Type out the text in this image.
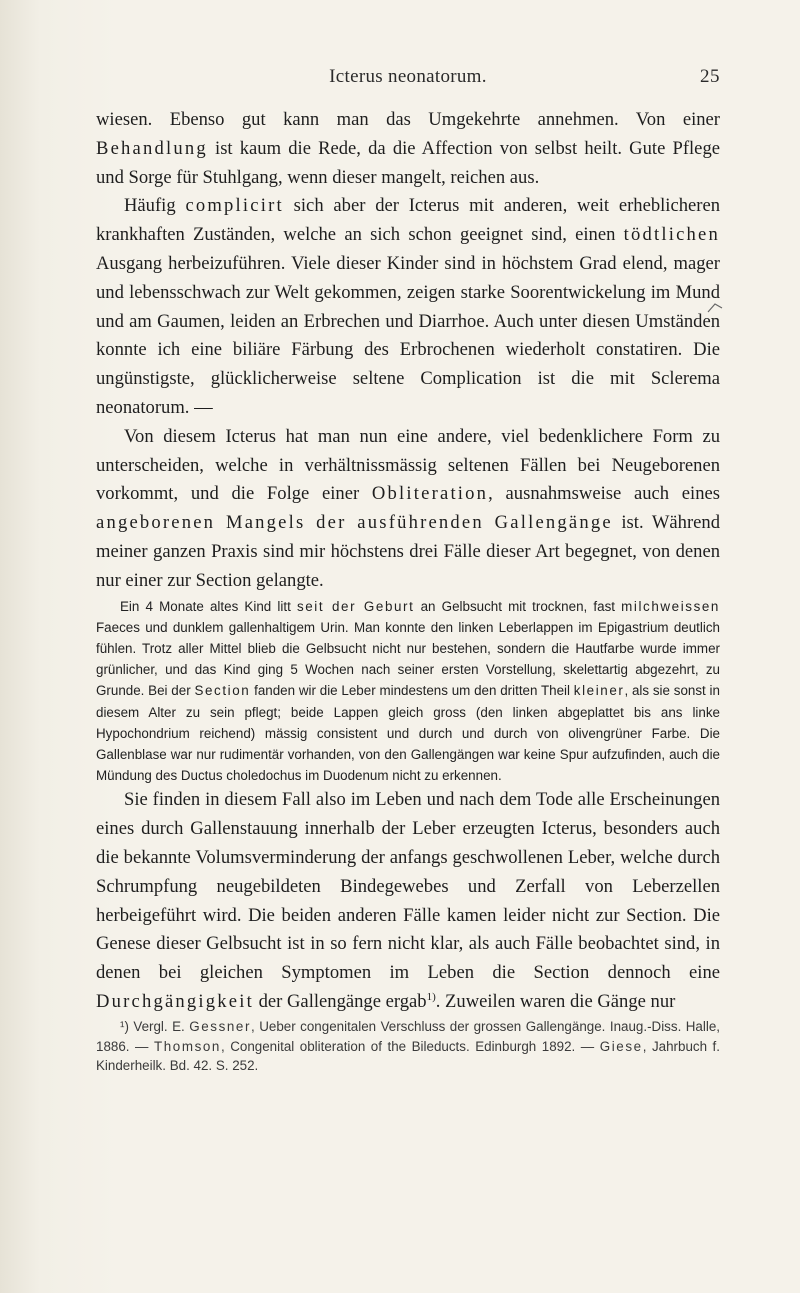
Icterus neonatorum.	25

wiesen. Ebenso gut kann man das Umgekehrte annehmen. Von einer Behandlung ist kaum die Rede, da die Affection von selbst heilt. Gute Pflege und Sorge für Stuhlgang, wenn dieser mangelt, reichen aus.

Häufig complicirt sich aber der Icterus mit anderen, weit erheblicheren krankhaften Zuständen, welche an sich schon geeignet sind, einen tödtlichen Ausgang herbeizuführen. Viele dieser Kinder sind in höchstem Grad elend, mager und lebensschwach zur Welt gekommen, zeigen starke Soorentwickelung im Mund und am Gaumen, leiden an Erbrechen und Diarrhoe. Auch unter diesen Umständen konnte ich eine biliäre Färbung des Erbrochenen wiederholt constatiren. Die ungünstigste, glücklicherweise seltene Complication ist die mit Sclerema neonatorum. —

Von diesem Icterus hat man nun eine andere, viel bedenklichere Form zu unterscheiden, welche in verhältnissmässig seltenen Fällen bei Neugeborenen vorkommt, und die Folge einer Obliteration, ausnahmsweise auch eines angeborenen Mangels der ausführenden Gallengänge ist. Während meiner ganzen Praxis sind mir höchstens drei Fälle dieser Art begegnet, von denen nur einer zur Section gelangte.

Ein 4 Monate altes Kind litt seit der Geburt an Gelbsucht mit trocknen, fast milchweissen Faeces und dunklem gallenhaltigem Urin. Man konnte den linken Leberlappen im Epigastrium deutlich fühlen. Trotz aller Mittel blieb die Gelbsucht nicht nur bestehen, sondern die Hautfarbe wurde immer grünlicher, und das Kind ging 5 Wochen nach seiner ersten Vorstellung, skelettartig abgezehrt, zu Grunde. Bei der Section fanden wir die Leber mindestens um den dritten Theil kleiner, als sie sonst in diesem Alter zu sein pflegt; beide Lappen gleich gross (den linken abgeplattet bis ans linke Hypochondrium reichend) mässig consistent und durch und durch von olivengrüner Farbe. Die Gallenblase war nur rudimentär vorhanden, von den Gallengängen war keine Spur aufzufinden, auch die Mündung des Ductus choledochus im Duodenum nicht zu erkennen.

Sie finden in diesem Fall also im Leben und nach dem Tode alle Erscheinungen eines durch Gallenstauung innerhalb der Leber erzeugten Icterus, besonders auch die bekannte Volumsverminderung der anfangs geschwollenen Leber, welche durch Schrumpfung neugebildeten Bindegewebes und Zerfall von Leberzellen herbeigeführt wird. Die beiden anderen Fälle kamen leider nicht zur Section. Die Genese dieser Gelbsucht ist in so fern nicht klar, als auch Fälle beobachtet sind, in denen bei gleichen Symptomen im Leben die Section dennoch eine Durchgängigkeit der Gallengänge ergab$^{1)}$. Zuweilen waren die Gänge nur

¹) Vergl. E. Gessner, Ueber congenitalen Verschluss der grossen Gallengänge. Inaug.-Diss. Halle, 1886. — Thomson, Congenital obliteration of the Bileducts. Edinburgh 1892. — Giese, Jahrbuch f. Kinderheilk. Bd. 42. S. 252.
